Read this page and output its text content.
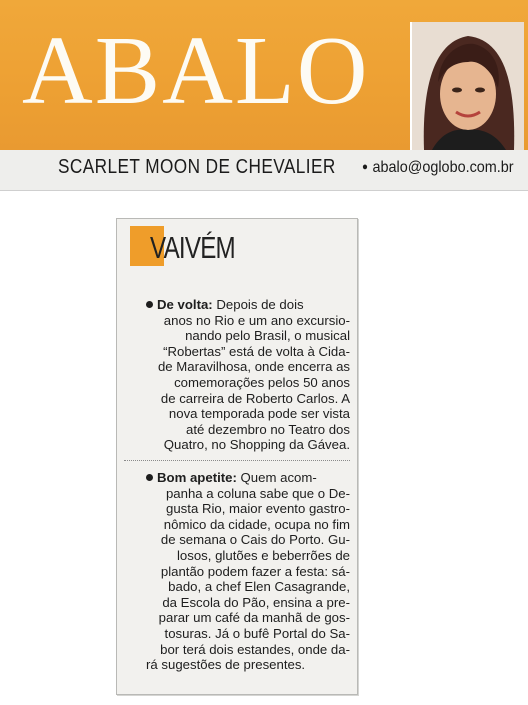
ABALO
SCARLET MOON DE CHEVALIER ● abalo@oglobo.com.br
VAIVÉM
De volta: Depois de dois
anos no Rio e um ano excursio-
nando pelo Brasil, o musical
“Robertas” está de volta à Cida-
de Maravilhosa, onde encerra as
comemorações pelos 50 anos
de carreira de Roberto Carlos. A
nova temporada pode ser vista
até dezembro no Teatro dos
Quatro, no Shopping da Gávea.
Bom apetite: Quem acom-
panha a coluna sabe que o De-
gusta Rio, maior evento gastro-
nômico da cidade, ocupa no fim
de semana o Cais do Porto. Gu-
losos, glutões e beberrões de
plantão podem fazer a festa: sá-
bado, a chef Elen Casagrande,
da Escola do Pão, ensina a pre-
parar um café da manhã de gos-
tosuras. Já o bufê Portal do Sa-
bor terá dois estandes, onde da-
rá sugestões de presentes.
